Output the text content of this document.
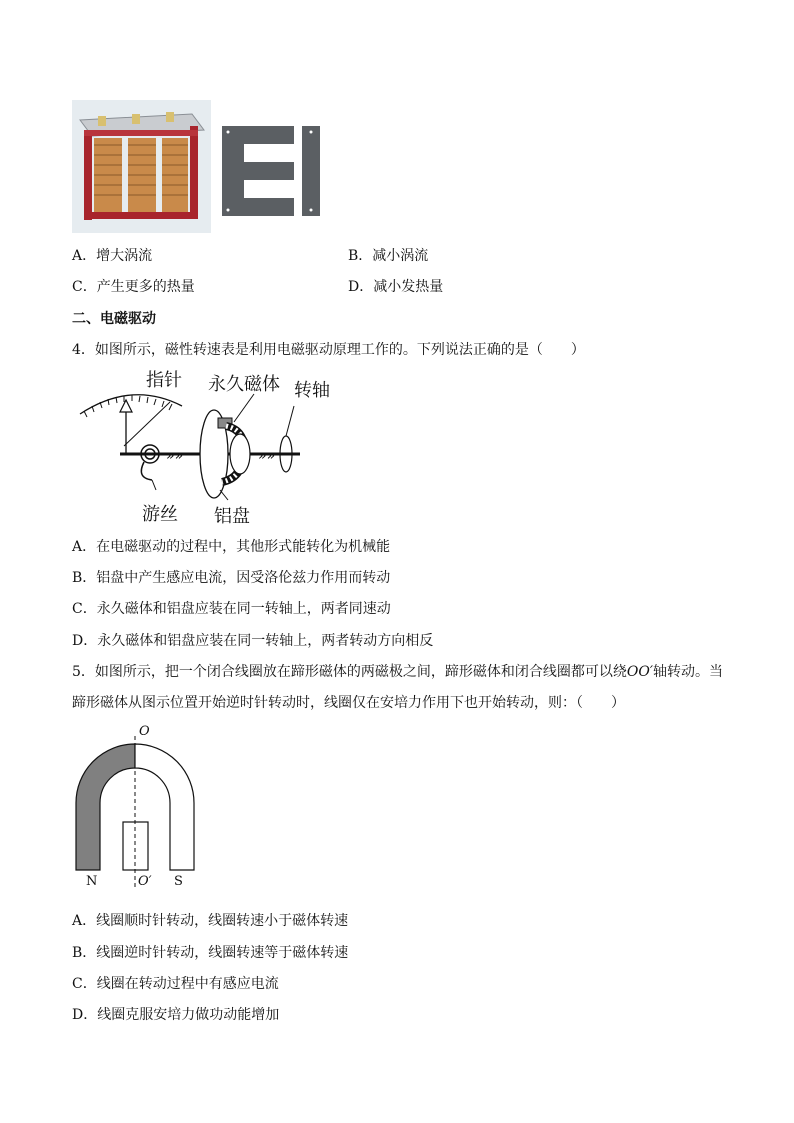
A．增大涡流	B．减小涡流
C．产生更多的热量	D．减小发热量
二、电磁驱动
4．如图所示，磁性转速表是利用电磁驱动原理工作的。下列说法正确的是（　　）
»»	»»
指针 永久磁体 转轴
游丝 铝盘
A．在电磁驱动的过程中，其他形式能转化为机械能
B．铝盘中产生感应电流，因受洛伦兹力作用而转动
C．永久磁体和铝盘应装在同一转轴上，两者同速动
D．永久磁体和铝盘应装在同一转轴上，两者转动方向相反
5．如图所示，把一个闭合线圈放在蹄形磁体的两磁极之间，蹄形磁体和闭合线圈都可以绕OO′轴转动。当
蹄形磁体从图示位置开始逆时针转动时，线圈仅在安培力作用下也开始转动，则：（　　）
O
O′
N	S
A．线圈顺时针转动，线圈转速小于磁体转速
B．线圈逆时针转动，线圈转速等于磁体转速
C．线圈在转动过程中有感应电流
D．线圈克服安培力做功动能增加
